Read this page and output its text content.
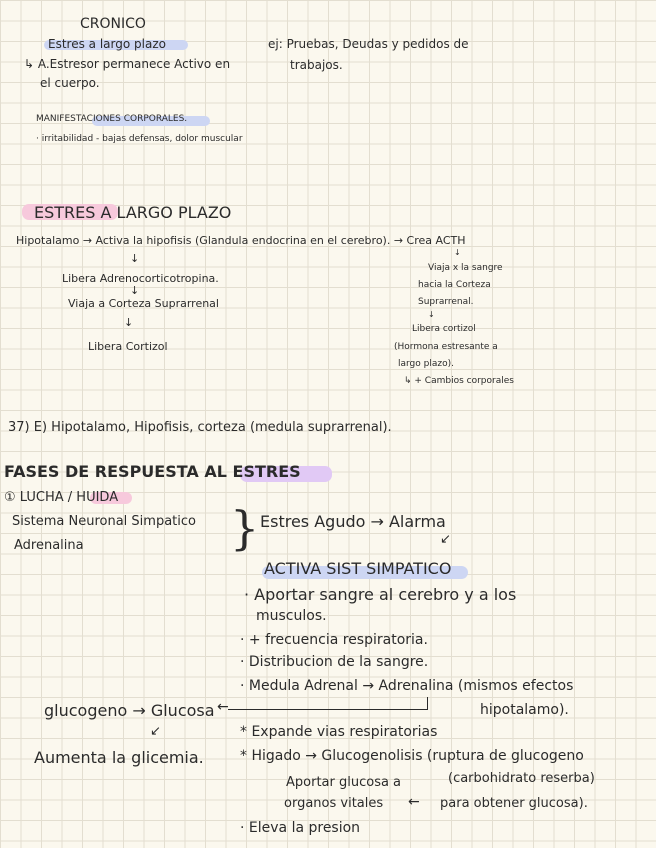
CRONICO
Estres a largo plazo
↳ A.Estresor permanece Activo en
el cuerpo.
ej: Pruebas, Deudas y pedidos de
trabajos.
MANIFESTACIONES CORPORALES.
· irritabilidad - bajas defensas, dolor muscular
ESTRES A LARGO PLAZO
Hipotalamo → Activa la hipofisis (Glandula endocrina en el cerebro). → Crea ACTH
↓
Libera Adrenocorticotropina.
↓
Viaja a Corteza Suprarrenal
↓
Libera Cortizol
↓
Viaja x la sangre
hacia la Corteza
Suprarrenal.
↓
Libera cortizol
(Hormona estresante a
largo plazo).
↳ + Cambios corporales
37) E) Hipotalamo, Hipofisis, corteza (medula suprarrenal).
FASES DE RESPUESTA AL ESTRES
① LUCHA / HUIDA
Sistema Neuronal Simpatico
Adrenalina	} Estres Agudo → Alarma
↙
ACTIVA SIST SIMPATICO
· Aportar sangre al cerebro y a los
musculos.
· + frecuencia respiratoria.
· Distribucion de la sangre.
· Medula Adrenal → Adrenalina (mismos efectos
hipotalamo).
←
glucogeno → Glucosa
↙
Aumenta la glicemia.
* Expande vias respiratorias
* Higado → Glucogenolisis (ruptura de glucogeno
(carbohidrato reserba)
Aportar glucosa a
organos vitales ← para obtener glucosa).
· Eleva la presion
